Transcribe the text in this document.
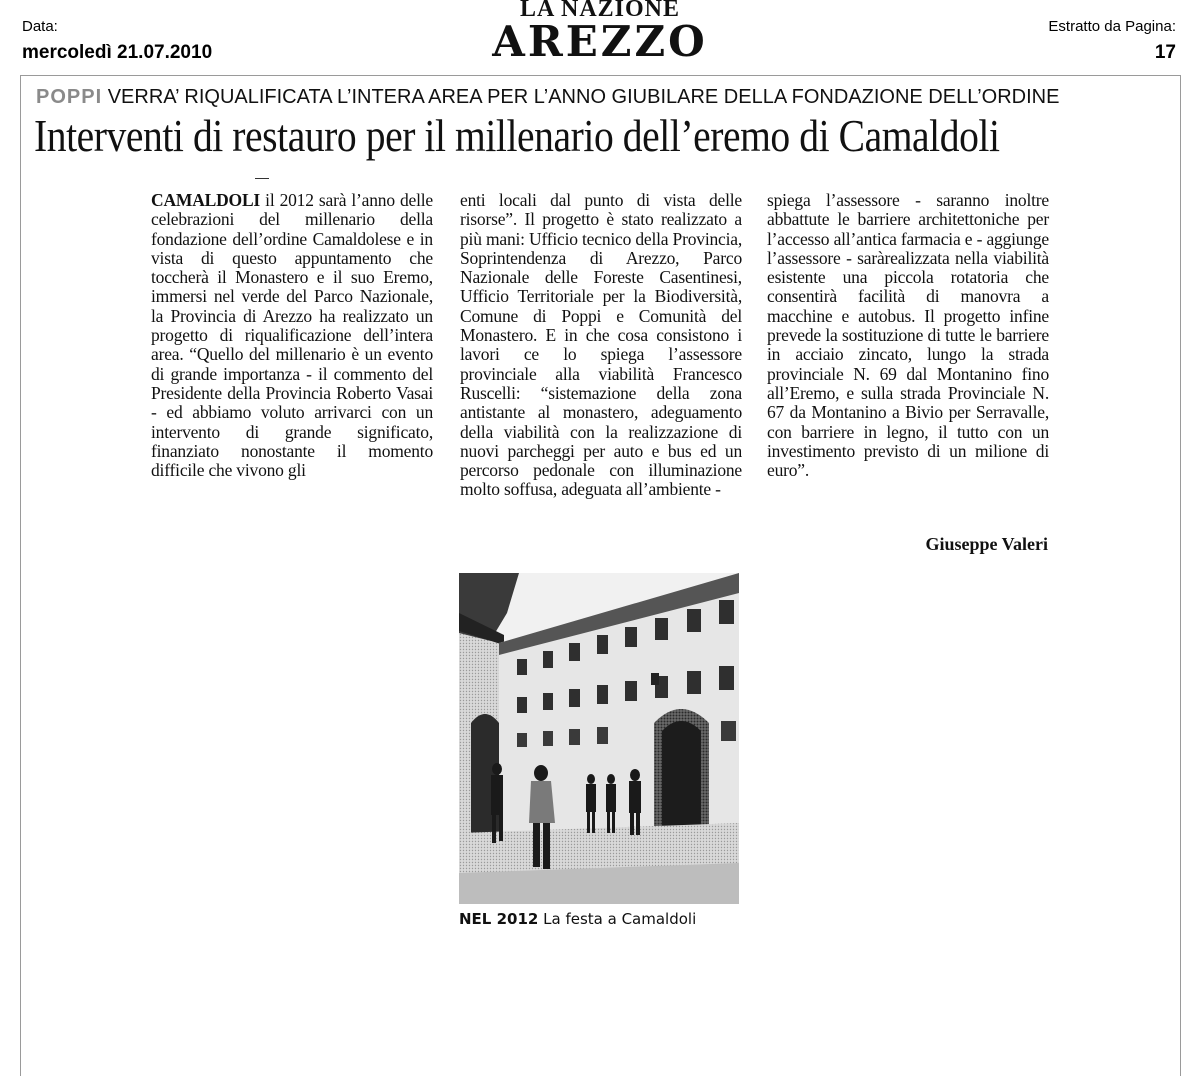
Data:
mercoledì 21.07.2010
LA NAZIONE
AREZZO	Estratto da Pagina:
17
POPPI VERRA’ RIQUALIFICATA L’INTERA AREA PER L’ANNO GIUBILARE DELLA FONDAZIONE DELL’ORDINE
Interventi di restauro per il millenario dell’eremo di Camaldoli
CAMALDOLI il 2012 sarà l’anno delle celebrazioni del millenario della fondazione dell’ordine Camaldolese e in vista di questo appuntamento che toccherà il Monastero e il suo Eremo, immersi nel verde del Parco Nazionale, la Provincia di Arezzo ha realizzato un progetto di riqualificazione dell’intera area. “Quello del millenario è un evento di grande importanza - il commento del Presidente della Provincia Roberto Vasai - ed abbiamo voluto arrivarci con un intervento di grande significato, finanziato nonostante il momento difficile che vivono gli
enti locali dal punto di vista delle risorse”. Il progetto è stato realizzato a più mani: Ufficio tecnico della Provincia, Soprintendenza di Arezzo, Parco Nazionale delle Foreste Casentinesi, Ufficio Territoriale per la Biodiversità, Comune di Poppi e Comunità del Monastero. E in che cosa consistono i lavori ce lo spiega l’assessore provinciale alla viabilità Francesco Ruscelli: “sistemazione della zona antistante al monastero, adeguamento della viabilità con la realizzazione di nuovi parcheggi per auto e bus ed un percorso pedonale con illuminazione molto soffusa, adeguata all’ambiente -
spiega l’assessore - saranno inoltre abbattute le barriere architettoniche per l’accesso all’antica farmacia e - aggiunge l’assessore - saràrealizzata nella viabilità esistente una piccola rotatoria che consentirà facilità di manovra a macchine e autobus. Il progetto infine prevede la sostituzione di tutte le barriere in acciaio zincato, lungo la strada provinciale N. 69 dal Montanino fino all’Eremo, e sulla strada Provinciale N. 67 da Montanino a Bivio per Serravalle, con barriere in legno, il tutto con un investimento previsto di un milione di euro”.
Giuseppe Valeri
NEL 2012 La festa a Camaldoli
